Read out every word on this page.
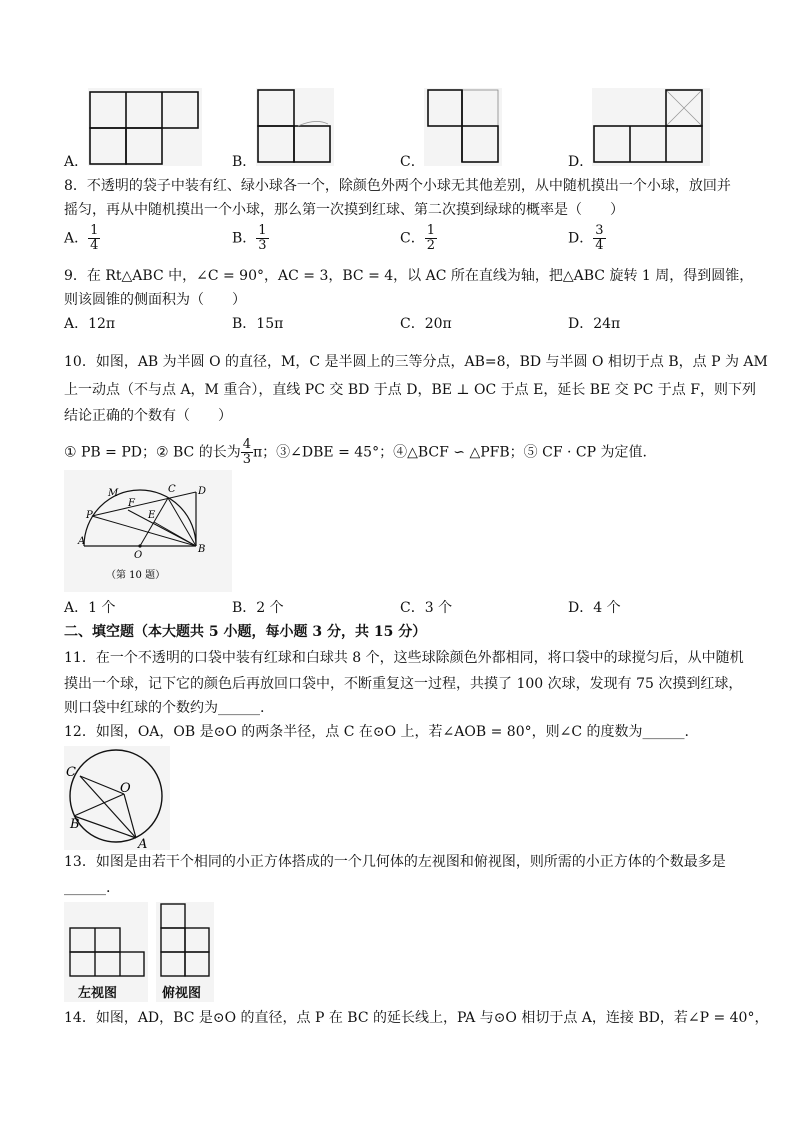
A．	B．	C．	D．
8．不透明的袋子中装有红、绿小球各一个，除颜色外两个小球无其他差别，从中随机摸出一个小球，放回并
摇匀，再从中随机摸出一个小球，那么第一次摸到红球、第二次摸到绿球的概率是（　　）
A． $\frac{1}{4}$	B． $\frac{1}{3}$	C． $\frac{1}{2}$	D． $\frac{3}{4}$
9．在 Rt△ABC 中，∠C = 90°，AC = 3，BC = 4，以 AC 所在直线为轴，把△ABC 旋转 1 周，得到圆锥，
则该圆锥的侧面积为（　　）
A．12π	B．15π	C．20π	D．24π
10．如图，AB 为半圆 O 的直径，M，C 是半圆上的三等分点，AB=8，BD 与半圆 O 相切于点 B，点 P 为 AM
上一动点（不与点 A，M 重合），直线 PC 交 BD 于点 D，BE ⊥ OC 于点 E，延长 BE 交 PC 于点 F，则下列
结论正确的个数有（　　）
① PB = PD；② BC 的长为 $\frac{4}{3}$ π；③∠DBE = 45°；④△BCF ∽ △PFB；⑤ CF · CP 为定值.
M	C D
P
F
E
A
O
B
（第 10 题）
A．1 个	B．2 个	C．3 个	D．4 个
二、填空题（本大题共 5 小题，每小题 3 分，共 15 分）
11．在一个不透明的口袋中装有红球和白球共 8 个，这些球除颜色外都相同，将口袋中的球搅匀后，从中随机
摸出一个球，记下它的颜色后再放回口袋中，不断重复这一过程，共摸了 100 次球，发现有 75 次摸到红球，
则口袋中红球的个数约为______.
12．如图，OA，OB 是⊙O 的两条半径，点 C 在⊙O 上，若∠AOB = 80°，则∠C 的度数为______.
C
O
B
A
13．如图是由若干个相同的小正方体搭成的一个几何体的左视图和俯视图，则所需的小正方体的个数最多是
______.
左视图	俯视图
14．如图，AD，BC 是⊙O 的直径，点 P 在 BC 的延长线上，PA 与⊙O 相切于点 A，连接 BD，若∠P = 40°，
